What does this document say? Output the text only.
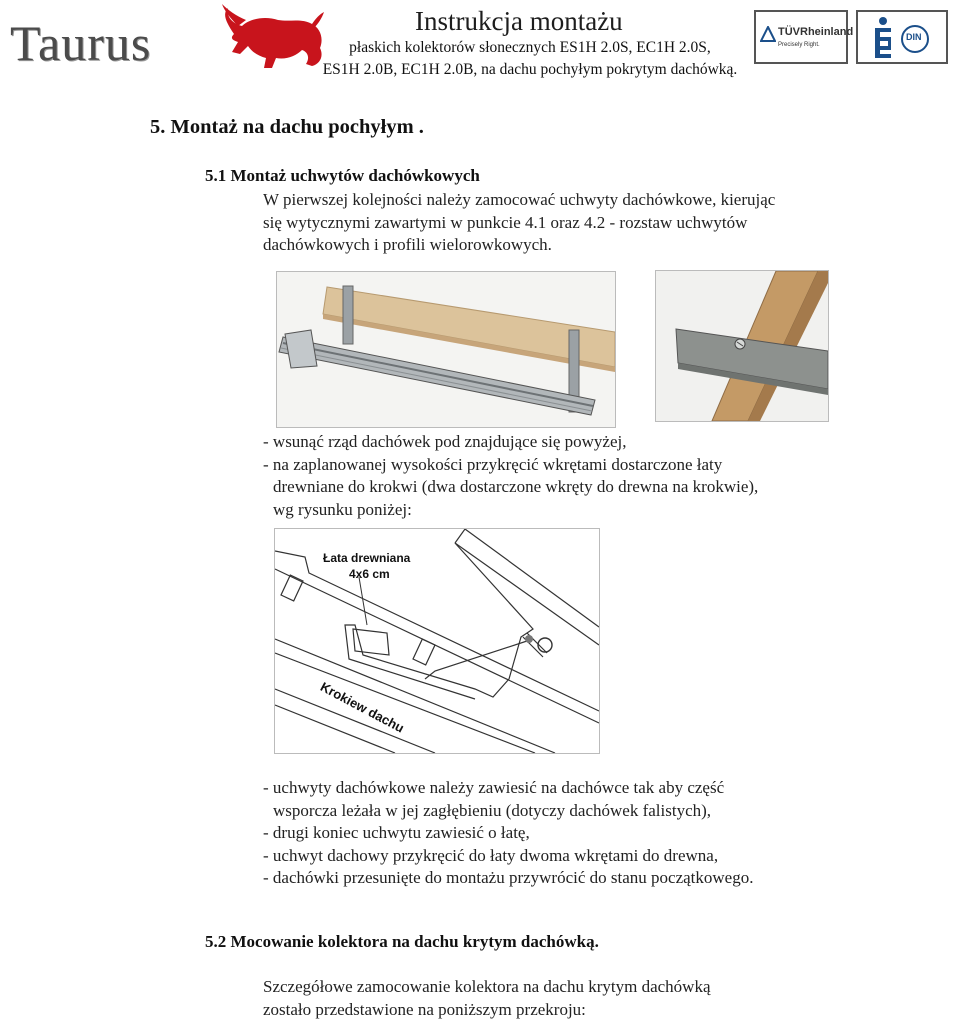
Taurus	Instrukcja montażu
płaskich kolektorów słonecznych ES1H 2.0S, EC1H 2.0S,
ES1H 2.0B, EC1H 2.0B, na dachu pochyłym pokrytym dachówką.
TÜVRheinland
Precisely Right.
DIN
5. Montaż na dachu pochyłym .
5.1 Montaż uchwytów dachówkowych
W pierwszej kolejności należy zamocować uchwyty dachówkowe, kierując
się wytycznymi zawartymi w punkcie 4.1 oraz 4.2 - rozstaw uchwytów
dachówkowych i profili wielorowkowych.
- wsunąć rząd dachówek pod znajdujące się powyżej,
- na zaplanowanej wysokości przykręcić wkrętami dostarczone łaty
drewniane do krokwi (dwa dostarczone wkręty do drewna na krokwie),
wg rysunku poniżej:
Łata drewniana
4x6 cm
Krokiew dachu
- uchwyty dachówkowe należy zawiesić na dachówce tak aby część
wsporcza leżała w jej zagłębieniu (dotyczy dachówek falistych),
- drugi koniec uchwytu zawiesić o łatę,
- uchwyt dachowy przykręcić do łaty dwoma wkrętami do drewna,
- dachówki przesunięte do montażu przywrócić do stanu początkowego.
5.2 Mocowanie kolektora na dachu krytym dachówką.
Szczegółowe zamocowanie kolektora na dachu krytym dachówką
zostało przedstawione na poniższym przekroju:
